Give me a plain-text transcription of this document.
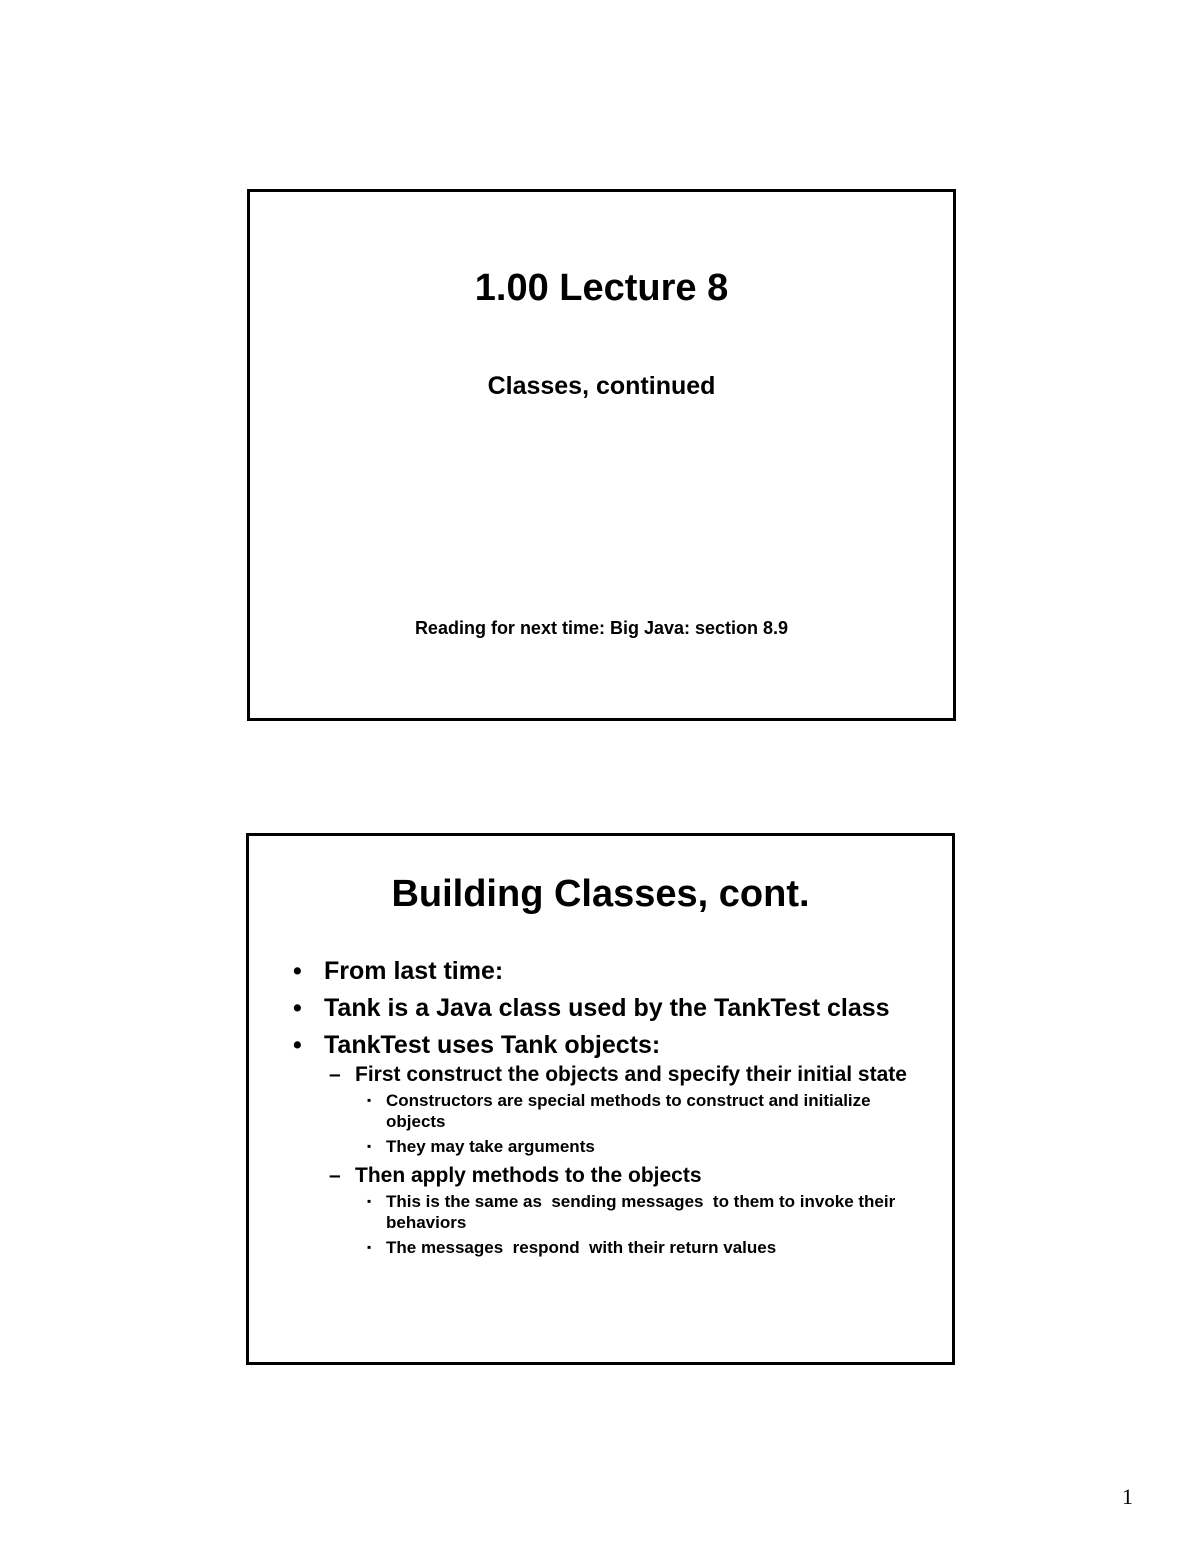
1.00 Lecture 8
Classes, continued
Reading for next time: Big Java: section 8.9
Building Classes, cont.
• From last time:
• Tank is a Java class used by the TankTest class
• TankTest uses Tank objects:
– First construct the objects and specify their initial state
▪ Constructors are special methods to construct and initialize objects
▪ They may take arguments
– Then apply methods to the objects
▪ This is the same as  sending messages  to them to invoke their behaviors
▪ The messages  respond  with their return values
1
